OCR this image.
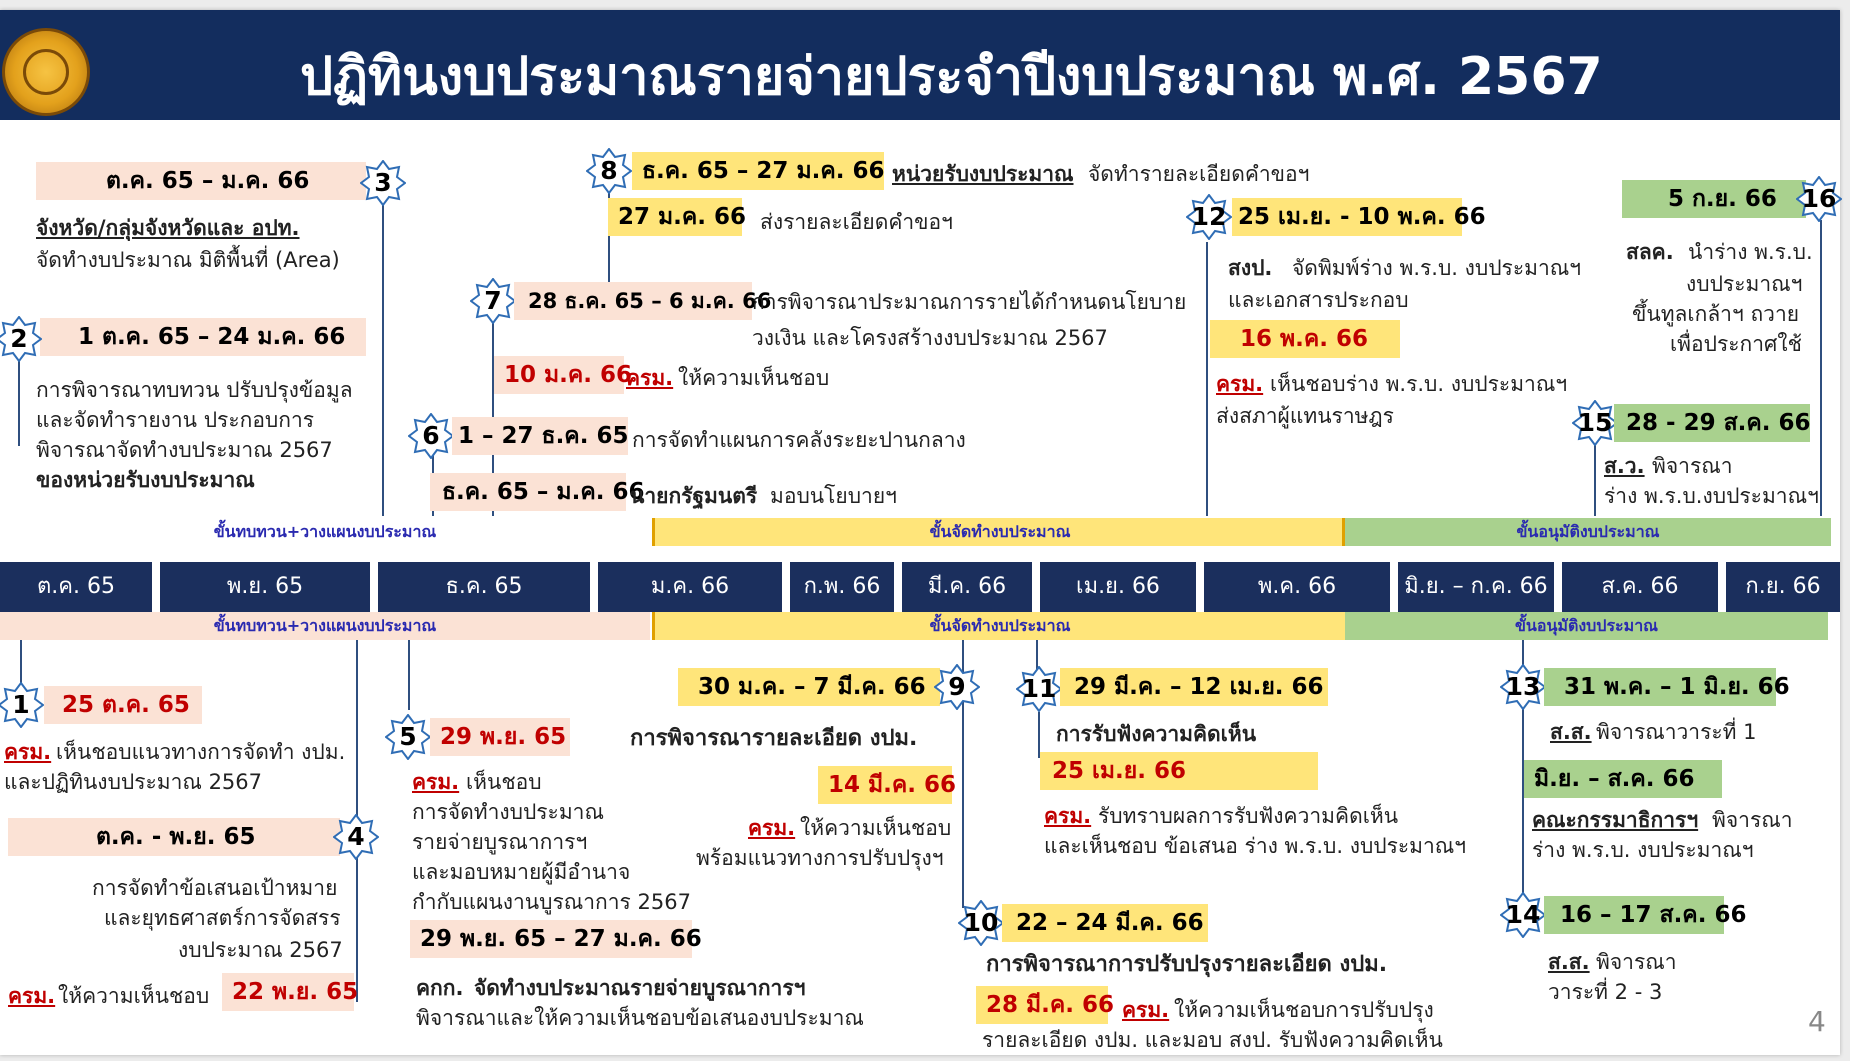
ปฏิทินงบประมาณรายจ่ายประจำปีงบประมาณ พ.ศ. 2567
ขั้นทบทวน+วางแผนงบประมาณ	ขั้นจัดทำงบประมาณ	ขั้นอนุมัติงบประมาณ
ต.ค. 65	พ.ย. 65	ธ.ค. 65	ม.ค. 66	ก.พ. 66	มี.ค. 66	เม.ย. 66	พ.ค. 66	มิ.ย. – ก.ค. 66	ส.ค. 66	ก.ย. 66
ขั้นทบทวน+วางแผนงบประมาณ	ขั้นจัดทำงบประมาณ	ขั้นอนุมัติงบประมาณ
1 ต.ค. 65 – 24 ม.ค. 66
2
การพิจารณาทบทวน ปรับปรุงข้อมูล
และจัดทำรายงาน ประกอบการ
พิจารณาจัดทำงบประมาณ 2567
ของหน่วยรับงบประมาณ
ต.ค. 65 – ม.ค. 66	3
จังหวัด/กลุ่มจังหวัดและ อปท.
จัดทำงบประมาณ มิติพื้นที่ (Area)
6 1 – 27 ธ.ค. 65 การจัดทำแผนการคลังระยะปานกลาง
ธ.ค. 65 – ม.ค. 66
นายกรัฐมนตรี มอบนโยบายฯ
7	28 ธ.ค. 65 – 6 ม.ค. 66
การพิจารณาประมาณการรายได้กำหนดนโยบาย
วงเงิน และโครงสร้างงบประมาณ 2567
10 ม.ค. 66
ครม. ให้ความเห็นชอบ
8	ธ.ค. 65 – 27 ม.ค. 66 หน่วยรับงบประมาณ จัดทำรายละเอียดคำขอฯ
27 ม.ค. 66 ส่งรายละเอียดคำขอฯ	12 25 เม.ย. - 10 พ.ค. 66
สงป. จัดพิมพ์ร่าง พ.ร.บ. งบประมาณฯ
และเอกสารประกอบ
16 พ.ค. 66
ครม. เห็นชอบร่าง พ.ร.บ. งบประมาณฯ
ส่งสภาผู้แทนราษฎร	15 28 - 29 ส.ค. 66
ส.ว. พิจารณา
ร่าง พ.ร.บ.งบประมาณฯ
5 ก.ย. 66 16
สลค. นำร่าง พ.ร.บ.
งบประมาณฯ
ขึ้นทูลเกล้าฯ ถวาย
เพื่อประกาศใช้
1	25 ต.ค. 65
ครม. เห็นชอบแนวทางการจัดทำ งปม.
และปฏิทินงบประมาณ 2567
ต.ค. - พ.ย. 65	4
การจัดทำข้อเสนอเป้าหมาย
และยุทธศาสตร์การจัดสรร
งบประมาณ 2567
ครม. ให้ความเห็นชอบ 22 พ.ย. 65
5	29 พ.ย. 65
ครม. เห็นชอบ
การจัดทำงบประมาณ
รายจ่ายบูรณาการฯ
และมอบหมายผู้มีอำนาจ
กำกับแผนงานบูรณาการ 2567
29 พ.ย. 65 – 27 ม.ค. 66
คกก. จัดทำงบประมาณรายจ่ายบูรณาการฯ
พิจารณาและให้ความเห็นชอบข้อเสนองบประมาณ
30 ม.ค. – 7 มี.ค. 66 9
การพิจารณารายละเอียด งปม.
14 มี.ค. 66
ครม. ให้ความเห็นชอบ
พร้อมแนวทางการปรับปรุงฯ
10 22 – 24 มี.ค. 66
การพิจารณาการปรับปรุงรายละเอียด งปม.
28 มี.ค. 66 ครม. ให้ความเห็นชอบการปรับปรุง
รายละเอียด งปม. และมอบ สงป. รับฟังความคิดเห็น
11 29 มี.ค. – 12 เม.ย. 66
การรับฟังความคิดเห็น
25 เม.ย. 66
ครม. รับทราบผลการรับฟังความคิดเห็น
และเห็นชอบ ข้อเสนอ ร่าง พ.ร.บ. งบประมาณฯ
13	31 พ.ค. – 1 มิ.ย. 66
ส.ส. พิจารณาวาระที่ 1
มิ.ย. – ส.ค. 66
คณะกรรมาธิการฯ พิจารณา
ร่าง พ.ร.บ. งบประมาณฯ
14 16 – 17 ส.ค. 66
ส.ส. พิจารณา
วาระที่ 2 - 3
4
